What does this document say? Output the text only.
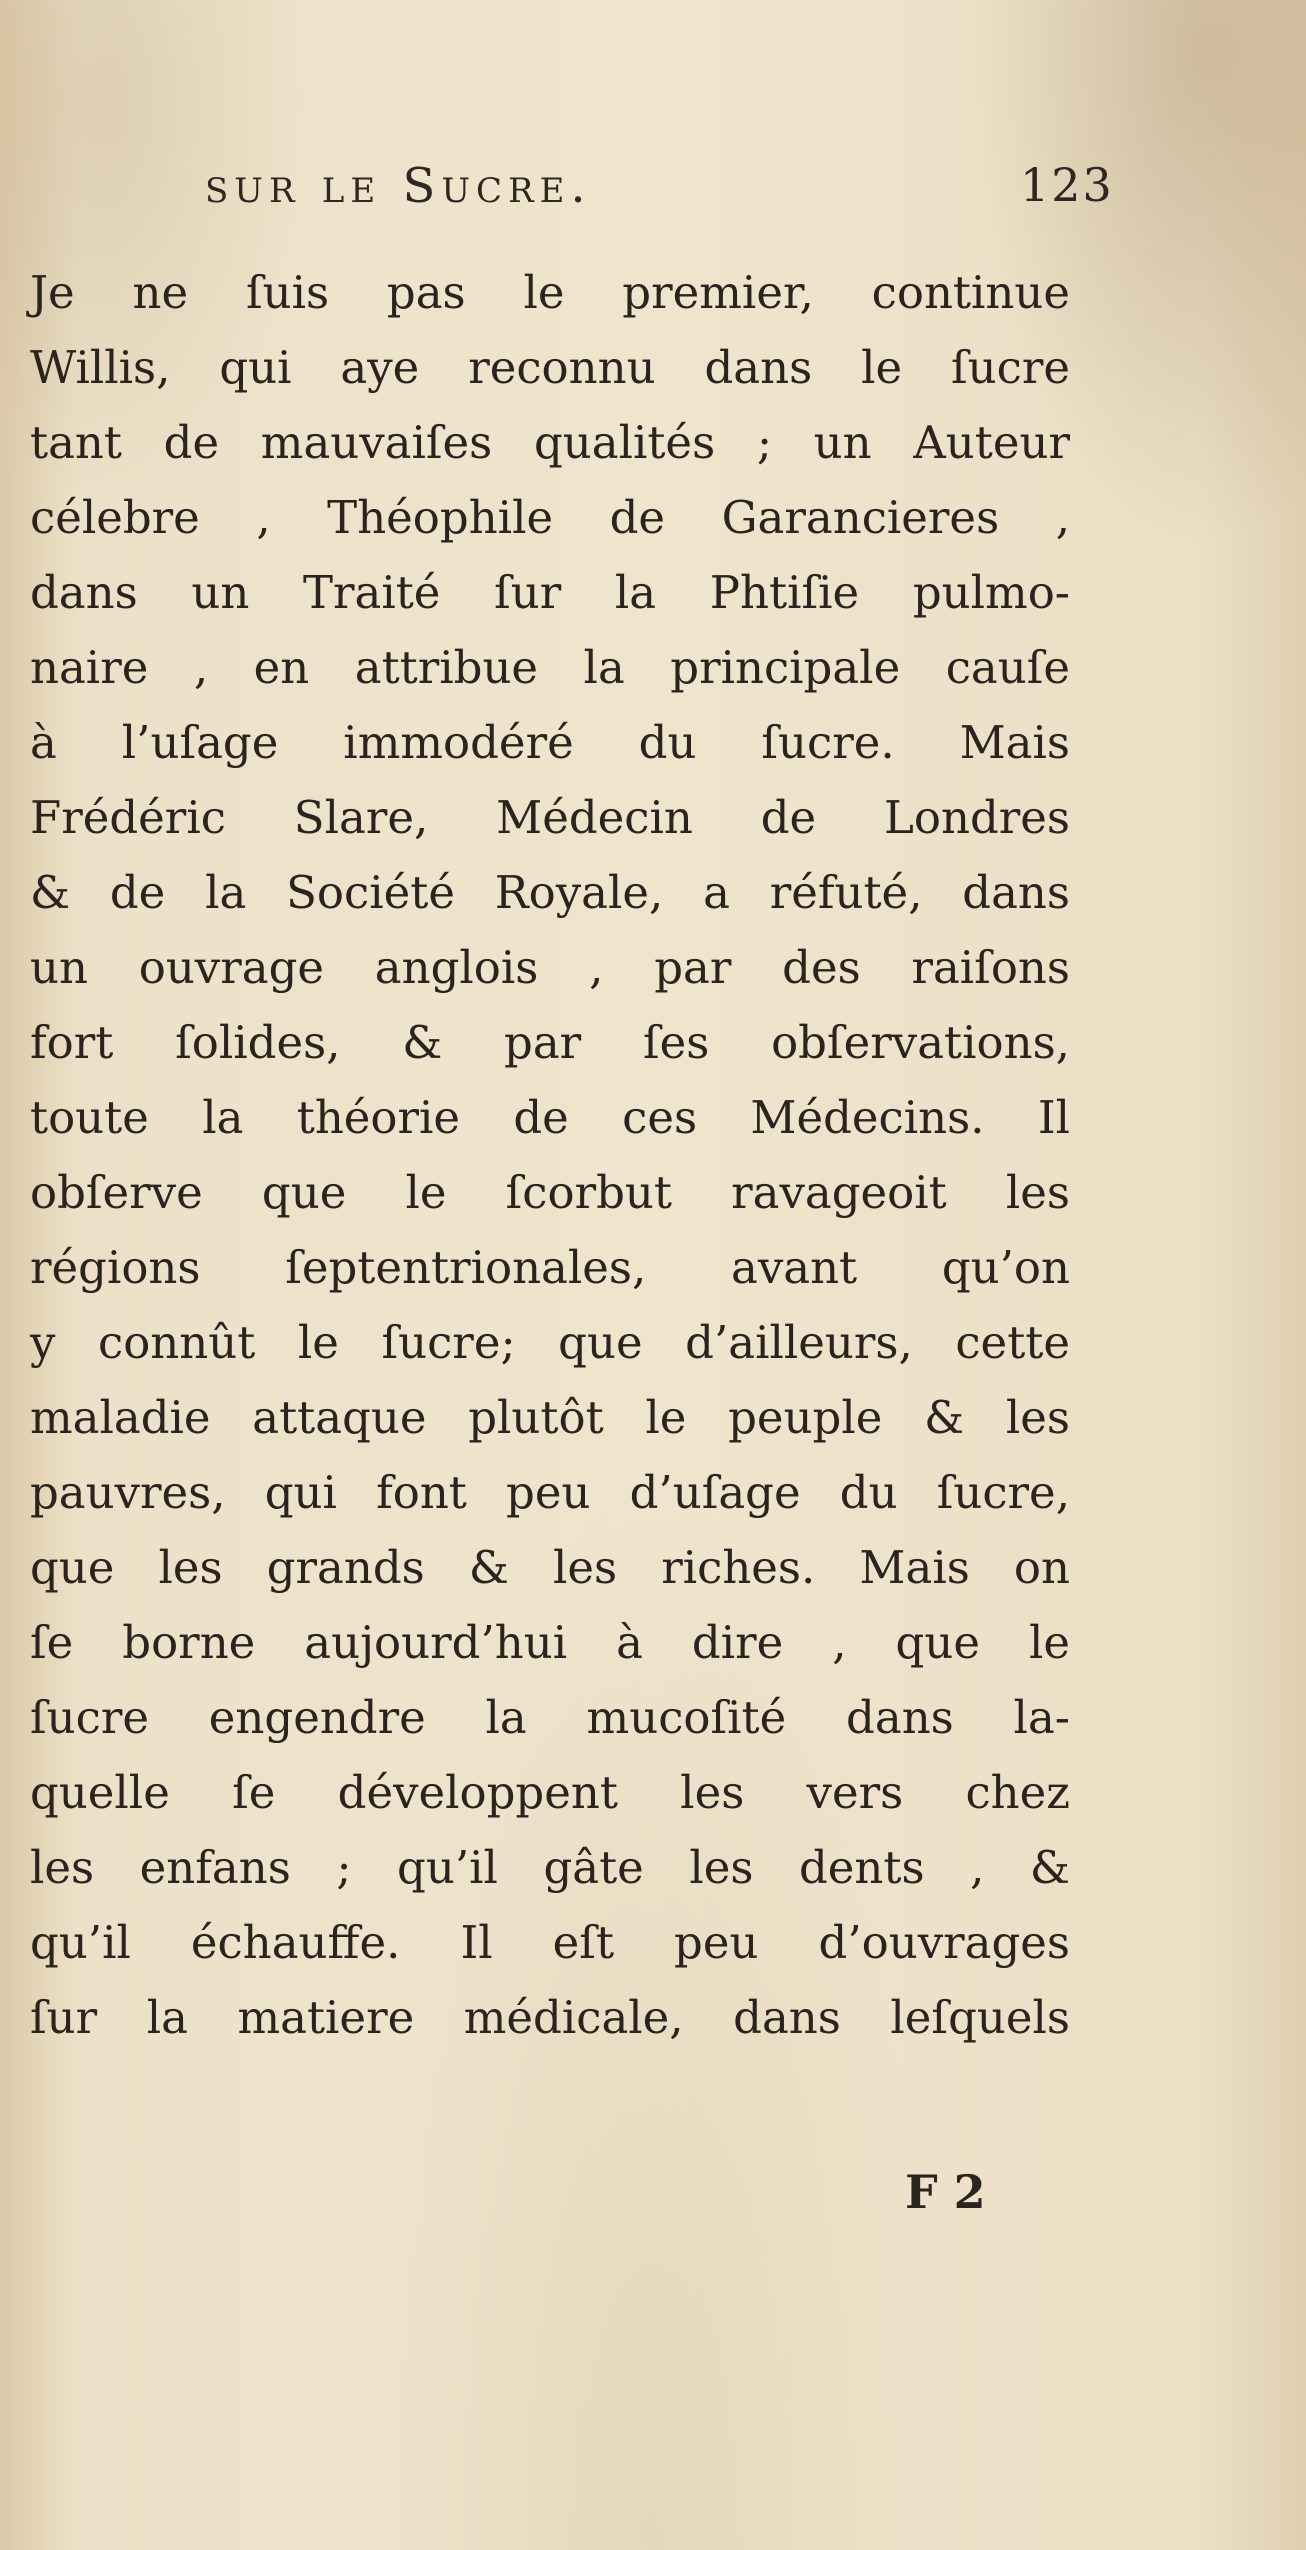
sur le Sucre.	123
Je ne ſuis pas le premier, continue
Willis, qui aye reconnu dans le ſucre
tant de mauvaiſes qualités ; un Auteur
célebre , Théophile de Garancieres ,
dans un Traité ſur la Phtiſie pulmo-
naire , en attribue la principale cauſe
à l’uſage immodéré du ſucre. Mais
Frédéric Slare, Médecin de Londres
& de la Société Royale, a réfuté, dans
un ouvrage anglois , par des raiſons
fort ſolides, & par ſes obſervations,
toute la théorie de ces Médecins. Il
obſerve que le ſcorbut ravageoit les
régions ſeptentrionales, avant qu’on
y connût le ſucre; que d’ailleurs, cette
maladie attaque plutôt le peuple & les
pauvres, qui font peu d’uſage du ſucre,
que les grands & les riches. Mais on
ſe borne aujourd’hui à dire , que le
ſucre engendre la mucoſité dans la-
quelle ſe développent les vers chez
les enfans ; qu’il gâte les dents , &
qu’il échauffe. Il eſt peu d’ouvrages
ſur la matiere médicale, dans leſquels
F 2
